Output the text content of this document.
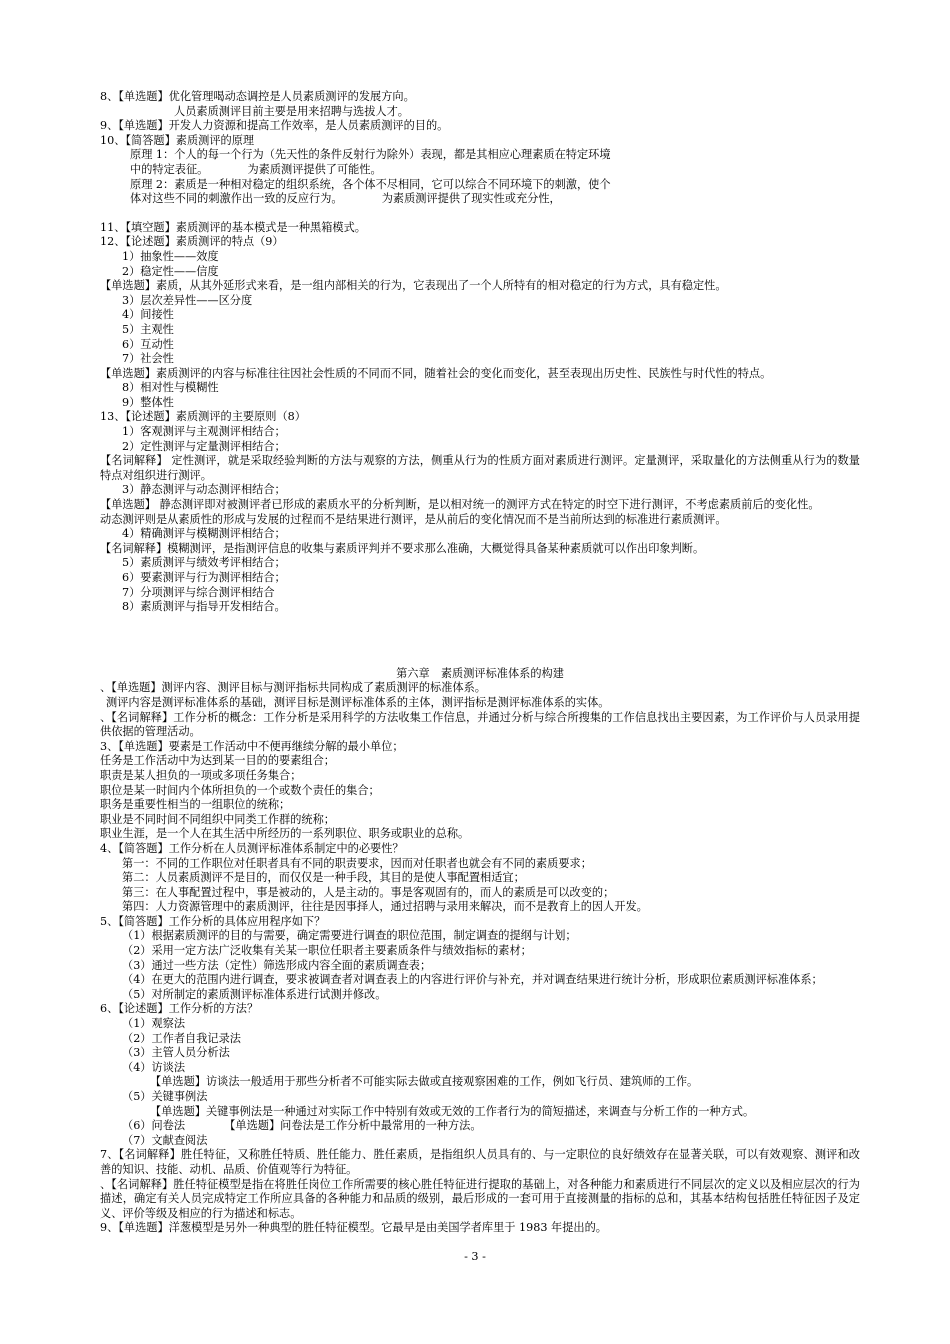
8、【单选题】优化管理喝动态调控是人员素质测评的发展方向。
人员素质测评目前主要是用来招聘与选拔人才。
9、【单选题】开发人力资源和提高工作效率，是人员素质测评的目的。
10、【简答题】素质测评的原理
原理 1：个人的每一个行为（先天性的条件反射行为除外）表现，都是其相应心理素质在特定环境
中的特定表征。　　　　为素质测评提供了可能性。
原理 2：素质是一种相对稳定的组织系统，各个体不尽相同，它可以综合不同环境下的刺激，使个
体对这些不同的刺激作出一致的反应行为。　　　　为素质测评提供了现实性或充分性，
11、【填空题】素质测评的基本模式是一种黑箱模式。
12、【论述题】素质测评的特点（9）
1）抽象性——效度
2）稳定性——信度
【单选题】素质，从其外延形式来看，是一组内部相关的行为，它表现出了一个人所特有的相对稳定的行为方式，具有稳定性。
3）层次差异性——区分度
4）间接性
5）主观性
6）互动性
7）社会性
【单选题】素质测评的内容与标准往往因社会性质的不同而不同，随着社会的变化而变化，甚至表现出历史性、民族性与时代性的特点。
8）相对性与模糊性
9）整体性
13、【论述题】素质测评的主要原则（8）
1）客观测评与主观测评相结合；
2）定性测评与定量测评相结合；
【名词解释】 定性测评，就是采取经验判断的方法与观察的方法，侧重从行为的性质方面对素质进行测评。定量测评，采取量化的方法侧重从行为的数量特点对组织进行测评。
3）静态测评与动态测评相结合；
【单选题】 静态测评即对被测评者已形成的素质水平的分析判断，是以相对统一的测评方式在特定的时空下进行测评，不考虑素质前后的变化性。
动态测评则是从素质性的形成与发展的过程而不是结果进行测评，是从前后的变化情况而不是当前所达到的标准进行素质测评。
4）精确测评与模糊测评相结合；
【名词解释】模糊测评，是指测评信息的收集与素质评判并不要求那么准确，大概觉得具备某种素质就可以作出印象判断。
5）素质测评与绩效考评相结合；
6）要素测评与行为测评相结合；
7）分项测评与综合测评相结合
8）素质测评与指导开发相结合。
第六章　素质测评标准体系的构建
、【单选题】测评内容、测评目标与测评指标共同构成了素质测评的标准体系。
测评内容是测评标准体系的基础，测评目标是测评标准体系的主体，测评指标是测评标准体系的实体。
、【名词解释】工作分析的概念：工作分析是采用科学的方法收集工作信息，并通过分析与综合所搜集的工作信息找出主要因素，为工作评价与人员录用提供依据的管理活动。
3、【单选题】要素是工作活动中不便再继续分解的最小单位；
任务是工作活动中为达到某一目的的要素组合；
职责是某人担负的一项或多项任务集合；
职位是某一时间内个体所担负的一个或数个责任的集合；
职务是重要性相当的一组职位的统称；
职业是不同时间不同组织中同类工作群的统称；
职业生涯，是一个人在其生活中所经历的一系列职位、职务或职业的总称。
4、【简答题】工作分析在人员测评标准体系制定中的必要性？
第一：不同的工作职位对任职者具有不同的职责要求，因而对任职者也就会有不同的素质要求；
第二：人员素质测评不是目的，而仅仅是一种手段，其目的是使人事配置相适宜；
第三：在人事配置过程中，事是被动的，人是主动的。事是客观固有的，而人的素质是可以改变的；
第四：人力资源管理中的素质测评，往往是因事择人，通过招聘与录用来解决，而不是教育上的因人开发。
5、【简答题】工作分析的具体应用程序如下？
（1）根据素质测评的目的与需要，确定需要进行调查的职位范围，制定调查的提纲与计划；
（2）采用一定方法广泛收集有关某一职位任职者主要素质条件与绩效指标的素材；
（3）通过一些方法（定性）筛选形成内容全面的素质调查表；
（4）在更大的范围内进行调查，要求被调查者对调查表上的内容进行评价与补充，并对调查结果进行统计分析，形成职位素质测评标准体系；
（5）对所制定的素质测评标准体系进行试测并修改。
6、【论述题】工作分析的方法？
（1）观察法
（2）工作者自我记录法
（3）主管人员分析法
（4）访谈法
【单选题】访谈法一般适用于那些分析者不可能实际去做或直接观察困难的工作，例如飞行员、建筑师的工作。
（5）关键事例法
【单选题】关键事例法是一种通过对实际工作中特别有效或无效的工作者行为的简短描述，来调查与分析工作的一种方式。
（6）问卷法　　　　【单选题】问卷法是工作分析中最常用的一种方法。
（7）文献查阅法
7、【名词解释】胜任特征，又称胜任特质、胜任能力、胜任素质，是指组织人员具有的、与一定职位的良好绩效存在显著关联，可以有效观察、测评和改善的知识、技能、动机、品质、价值观等行为特征。
、【名词解释】胜任特征模型是指在将胜任岗位工作所需要的核心胜任特征进行提取的基础上，对各种能力和素质进行不同层次的定义以及相应层次的行为描述，确定有关人员完成特定工作所应具备的各种能力和品质的级别，最后形成的一套可用于直接测量的指标的总和，其基本结构包括胜任特征因子及定义、评价等级及相应的行为描述和标志。
9、【单选题】洋葱模型是另外一种典型的胜任特征模型。它最早是由美国学者库里于 1983 年提出的。
- 3 -
